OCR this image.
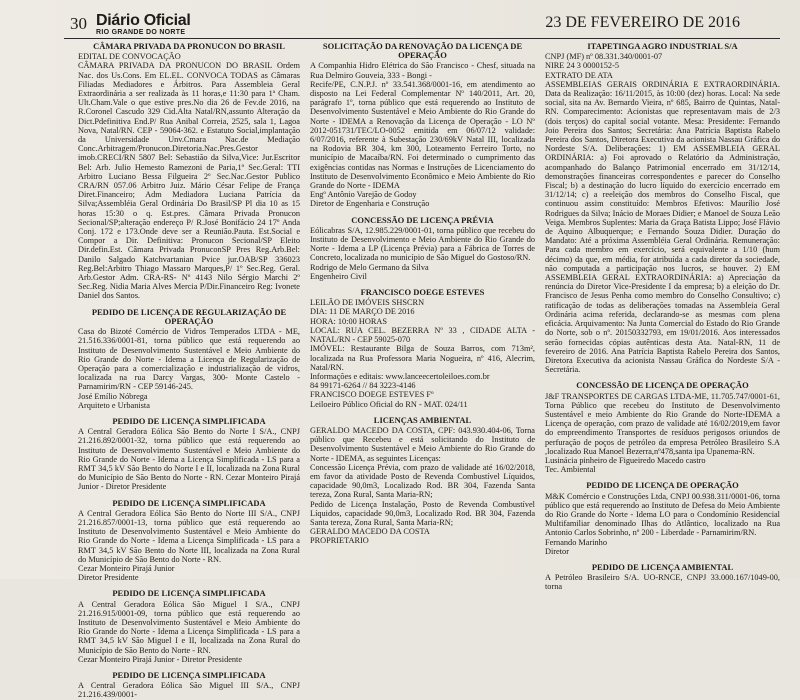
30 Diário Oficial
RIO GRANDE DO NORTE
23 DE FEVEREIRO DE 2016
CÂMARA PRIVADA DA PRONUCON DO BRASIL

EDITAL DE CONVOCAÇÃO

CÂMARA PRIVADA DA PRONUCON DO BRASIL Ordem Nac. dos Us.Cons. Em EL.EL. CONVOCA TODAS as Câmaras Filiadas Mediadores e Árbitros. Para Assembleia Geral Extraordinária a ser realizada às 11 horas,e 11:30 para 1ª Cham. Ult.Cham.Vale o que estive pres.No dia 26 de Fev.de 2016, na R.Coronel Cascudo 329 Cid.Alta Natal/RN,assunto Alteração da Dict.Pdefinitiva End.P/ Rua Anibal Correia, 2525, sala 1, Lagoa Nova, Natal/RN. CEP - 59064-362. e Estatuto Social,implantação da Universidade Unv.Cmara Nac.de Mediação Conc.Arbitragem/Pronucon.Diretoria.Nac.Pres.Gestor imob.CRECI/RN 5807 Bel: Sebastião da Silva,Vice: Jur.Escritor Bel: Arb. Julio Hemesto Ramezoni de Paria,1º Sec.Geral: TTI Arbitro Luciano Bessa Filgueira 2º Sec.Nac.Gestor Publico CRA/RN 057.06 Arbitro Juiz. Mário César Felipe de França Diret.Financeiro; Adm Mediadora Luciana Patrícia da Silva;Assembléia Geral Ordinária Do Brasil/SP Pl dia 10 as 15 horas 15:30 o q. Est.pres. Câmara Privada Pronucon Secional/SP;alteração endereço P/ R.José Bonifácio 24 17º Anda Conj. 172 e 173.Onde deve ser a Reunião.Pauta. Est.Social e Compor a Dir. Definitiva: Pronucon Secional/SP Eleito Dir.defin.Est. Câmara Privada PronuconSP Pres Reg.Arb.Bel: Danilo Salgado Katchvartanian Pvice jur.OAB/SP 336023 Reg.Bel:Arbitro Thiago Massaro Marques,P/ 1º Sec.Reg. Geral. Arb.Gestor Adm. CRA-RS- Nº 4143 Nilo Sérgio Marchi 2º Sec.Reg. Nidia Maria Alves Mercia P/Dir.Financeiro Reg: Ivonete Daniel dos Santos.

PEDIDO DE LICENÇA DE REGULARIZAÇÃO DE OPERAÇÃO

Casa do Bizoté Comércio de Vidros Temperados LTDA - ME, 21.516.336/0001-81, torna público que está requerendo ao Instituto de Desenvolvimento Sustentável e Meio Ambiente do Rio Grande do Norte - Idema a Licença de Regularização de Operação para a comercialização e industrialização de vidros, localizada na rua Darcy Vargas, 300- Monte Castelo - Parnamirim/RN - CEP 59146-245.

José Emílio Nóbrega

Arquiteto e Urbanista

PEDIDO DE LICENÇA SIMPLIFICADA

A Central Geradora Eólica São Bento do Norte I S/A., CNPJ 21.216.892/0001-32, torna público que está requerendo ao Instituto de Desenvolvimento Sustentável e Meio Ambiente do Rio Grande do Norte - Idema a Licença Simplificada - LS para a RMT 34,5 kV São Bento do Norte I e II, localizada na Zona Rural do Município de São Bento do Norte - RN. Cezar Monteiro Pirajá Junior - Diretor Presidente

PEDIDO DE LICENÇA SIMPLIFICADA

A Central Geradora Eólica São Bento do Norte III S/A., CNPJ 21.216.857/0001-13, torna público que está requerendo ao Instituto de Desenvolvimento Sustentável e Meio Ambiente do Rio Grande do Norte - Idema a Licença Simplificada - LS para a RMT 34,5 kV São Bento do Norte III, localizada na Zona Rural do Município de São Bento do Norte - RN.

Cezar Monteiro Pirajá Junior

Diretor Presidente

PEDIDO DE LICENÇA SIMPLIFICADA

A Central Geradora Eólica São Miguel I S/A., CNPJ 21.216.915/0001-09, torna público que está requerendo ao Instituto de Desenvolvimento Sustentável e Meio Ambiente do Rio Grande do Norte - Idema a Licença Simplificada - LS para a RMT 34,5 kV São Miguel I e II, localizada na Zona Rural do Município de São Bento do Norte - RN.

Cezar Monteiro Pirajá Junior - Diretor Presidente

PEDIDO DE LICENÇA SIMPLIFICADA

A Central Geradora Eólica São Miguel III S/A., CNPJ 21.216.439/0001-

SOLICITAÇÃO DA RENOVAÇÃO DA LICENÇA DE OPERAÇÃO

A Companhia Hidro Elétrica do São Francisco - Chesf, situada na Rua Delmiro Gouveia, 333 - Bongi -

Recife/PE, C.N.P.J. nº 33.541.368/0001-16, em atendimento ao disposto na Lei Federal Complementar Nº 140/2011, Art. 20, parágrafo 1º, torna público que está requerendo ao Instituto de Desenvolvimento Sustentável e Meio Ambiente do Rio Grande do Norte - IDEMA a Renovação da Licença de Operação - LO Nº 2012-051731/TEC/LO-0052 emitida em 06/07/12 validade: 6/07/2016, referente à Subestação 230/69kV Natal III, localizada na Rodovia BR 304, km 300, Loteamento Ferreiro Torto, no município de Macaíba/RN. Foi determinado o cumprimento das exigências contidas nas Normas e Instruções de Licenciamento do Instituto de Desenvolvimento Econômico e Meio Ambiente do Rio Grande do Norte - IDEMA

Engº Antônio Varejão de Godoy

Diretor de Engenharia e Construção

CONCESSÃO DE LICENÇA PRÉVIA

Eólicabras S/A, 12.985.229/0001-01, torna público que recebeu do Instituto de Desenvolvimento e Meio Ambiente do Rio Grande do Norte - Idema a LP (Licença Prévia) para a Fábrica de Torres de Concreto, localizada no município de São Miguel do Gostoso/RN.

Rodrigo de Melo Germano da Silva

Engenheiro Civil

FRANCISCO DOEGE ESTEVES

LEILÃO DE IMÓVEIS SHSCRN

DIA: 11 DE MARÇO DE 2016

HORA: 10:00 HORAS

LOCAL: RUA CEL. BEZERRA Nº 33 , CIDADE ALTA - NATAL/RN - CEP 59025-070

IMÓVEL: Restaurante Bilga de Souza Barros, com 713m², localizada na Rua Professora Maria Nogueira, nº 416, Alecrim, Natal/RN.

Informações e editais: www.lanceecertoleiloes.com.br

84 99171-6264 // 84 3223-4146

FRANCISCO DOEGE ESTEVES Fº

Leiloeiro Público Oficial do RN - MAT. 024/11

LICENÇAS AMBIENTAL

GERALDO MACEDO DA COSTA, CPF: 043.930.404-06, Torna público que Recebeu e está solicitando do Instituto de Desenvolvimento Sustentável e Meio Ambiente do Rio Grande do Norte - IDEMA, as seguintes Licenças:

Concessão Licença Prévia, com prazo de validade até 16/02/2018, em favor da atividade Posto de Revenda Combustível Líquidos, capacidade 90,0m3, Localizado Rod. BR 304, Fazenda Santa tereza, Zona Rural, Santa Maria-RN;

Pedido de Licença Instalação, Posto de Revenda Combustível Líquidos, capacidade 90,0m3, Localizado Rod. BR 304, Fazenda Santa tereza, Zona Rural, Santa Maria-RN;

GERALDO MACEDO DA COSTA

PROPRIETARIO

ITAPETINGA AGRO INDUSTRIAL S/A

CNPJ (MF) nº 08.331.340/0001-07

NIRE 24 3 0000152-5

EXTRATO DE ATA

ASSEMBLEIAS GERAIS ORDINÁRIA E EXTRAORDINÁRIA. Data da Realização: 16/11/2015, às 10:00 (dez) horas. Local: Na sede social, sita na Av. Bernardo Vieira, nº 685, Bairro de Quintas, Natal-RN. Comparecimento: Acionistas que representavam mais de 2/3 (dois terços) do capital social votante. Mesa: Presidente: Fernando Joio Pereira dos Santos; Secretária: Ana Patrícia Baptista Rabelo Pereira dos Santos, Diretora Executiva da acionista Nassau Gráfica do Nordeste S/A. Deliberações: 1) EM ASSEMBLEIA GERAL ORDINÁRIA: a) Foi aprovado o Relatório da Administração, acompanhado do Balanço Patrimonial encerrado em 31/12/14, demonstrações financeiras correspondentes e parecer do Conselho Fiscal; b) a destinação do lucro líquido do exercício encerrado em 31/12/14; c) a reeleição dos membros do Conselho Fiscal, que continuou assim constituído: Membros Efetivos: Maurílio José Rodrigues da Silva; Inácio de Moraes Didier; e Manoel de Souza Leão Veiga. Membros Suplentes: Maria da Graça Batista Lippo; José Flávio de Aquino Albuquerque; e Fernando Souza Didier. Duração do Mandato: Até a próxima Assembléia Geral Ordinária. Remuneração: Para cada membro em exercício, será equivalente a 1/10 (hum décimo) da que, em média, for atribuída a cada diretor da sociedade, não computada a participação nos lucros, se houver. 2) EM ASSEMBLEIA GERAL EXTRAORDINÁRIA: a) Apreciação da renúncia do Diretor Vice-Presidente I da empresa; b) a eleição do Dr. Francisco de Jesus Penha como membro do Conselho Consultivo; c) ratificação de todas as deliberações tomadas na Assembleia Geral Ordinária acima referida, declarando-se as mesmas com plena eficácia. Arquivamento: Na Junta Comercial do Estado do Rio Grande do Norte, sob o nº. 20150332793, em 19/01/2016. Aos interessados serão fornecidas cópias autênticas desta Ata. Natal-RN, 11 de fevereiro de 2016. Ana Patrícia Baptista Rabelo Pereira dos Santos, Diretora Executiva da acionista Nassau Gráfica do Nordeste S/A - Secretária.

CONCESSÃO DE LICENÇA DE OPERAÇÃO

J&F TRANSPORTES DE CARGAS LTDA-ME, 11.705.747/0001-61, Torna Público que recebeu do Instituto de Desenvolvimento Sustentável e meio Ambiente do Rio Grande do Norte-IDEMA a Licença de operação, com prazo de validade até 16/02/2019,em favor do empreendimento Transportes de resíduos perigosos oriundos de perfuração de poços de petróleo da empresa Petróleo Brasileiro S.A ,localizado Rua Manoel Bezerra,nº478,santa ipa Upanema-RN.

Lusinácia pinheiro de Figueiredo Macedo castro

Tec. Ambiental

PEDIDO DE LICENÇA DE OPERAÇÃO

M&K Comércio e Construções Ltda, CNPJ 00.938.311/0001-06, torna público que está requerendo ao Instituto de Defesa do Meio Ambiente do Rio Grande do Norte - Idema LO para o Condomínio Residencial Multifamiliar denominado Ilhas do Atlântico, localizado na Rua Antonio Carlos Sobrinho, nº 200 - Liberdade - Parnamirim/RN.

Fernando Marinho

Diretor

PEDIDO DE LICENÇA AMBIENTAL

A Petróleo Brasileiro S/A. UO-RNCE, CNPJ 33.000.167/1049-00, torna
